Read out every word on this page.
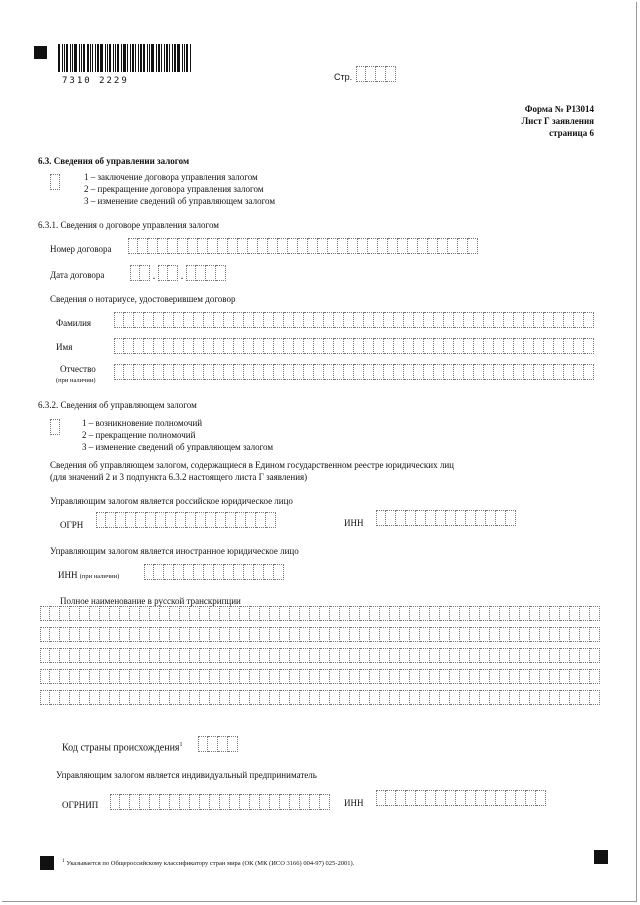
7310 2229	Стр.
Форма № Р13014
Лист Г заявления
страница 6
6.3. Сведения об управлении залогом
1 – заключение договора управления залогом
2 – прекращение договора управления залогом
3 – изменение сведений об управляющем залогом
6.3.1. Сведения о договоре управления залогом
Номер договора
Дата договора	. .
Сведения о нотариусе, удостоверившем договор
Фамилия
Имя
Отчество
(при наличии)
6.3.2. Сведения об управляющем залогом
1 – возникновение полномочий
2 – прекращение полномочий
3 – изменение сведений об управляющем залогом
Сведения об управляющем залогом, содержащиеся в Едином государственном реестре юридических лиц
(для значений 2 и 3 подпункта 6.3.2 настоящего листа Г заявления)
Управляющим залогом является российское юридическое лицо
ОГРН	ИНН
Управляющим залогом является иностранное юридическое лицо
ИНН (при наличии)
Полное наименование в русской транскрипции
Код страны происхождения$^1$
Управляющим залогом является индивидуальный предприниматель
ОГРНИП	ИНН
$^1$ Указывается по Общероссийскому классификатору стран мира (ОК (МК (ИСО 3166) 004-97) 025-2001).
